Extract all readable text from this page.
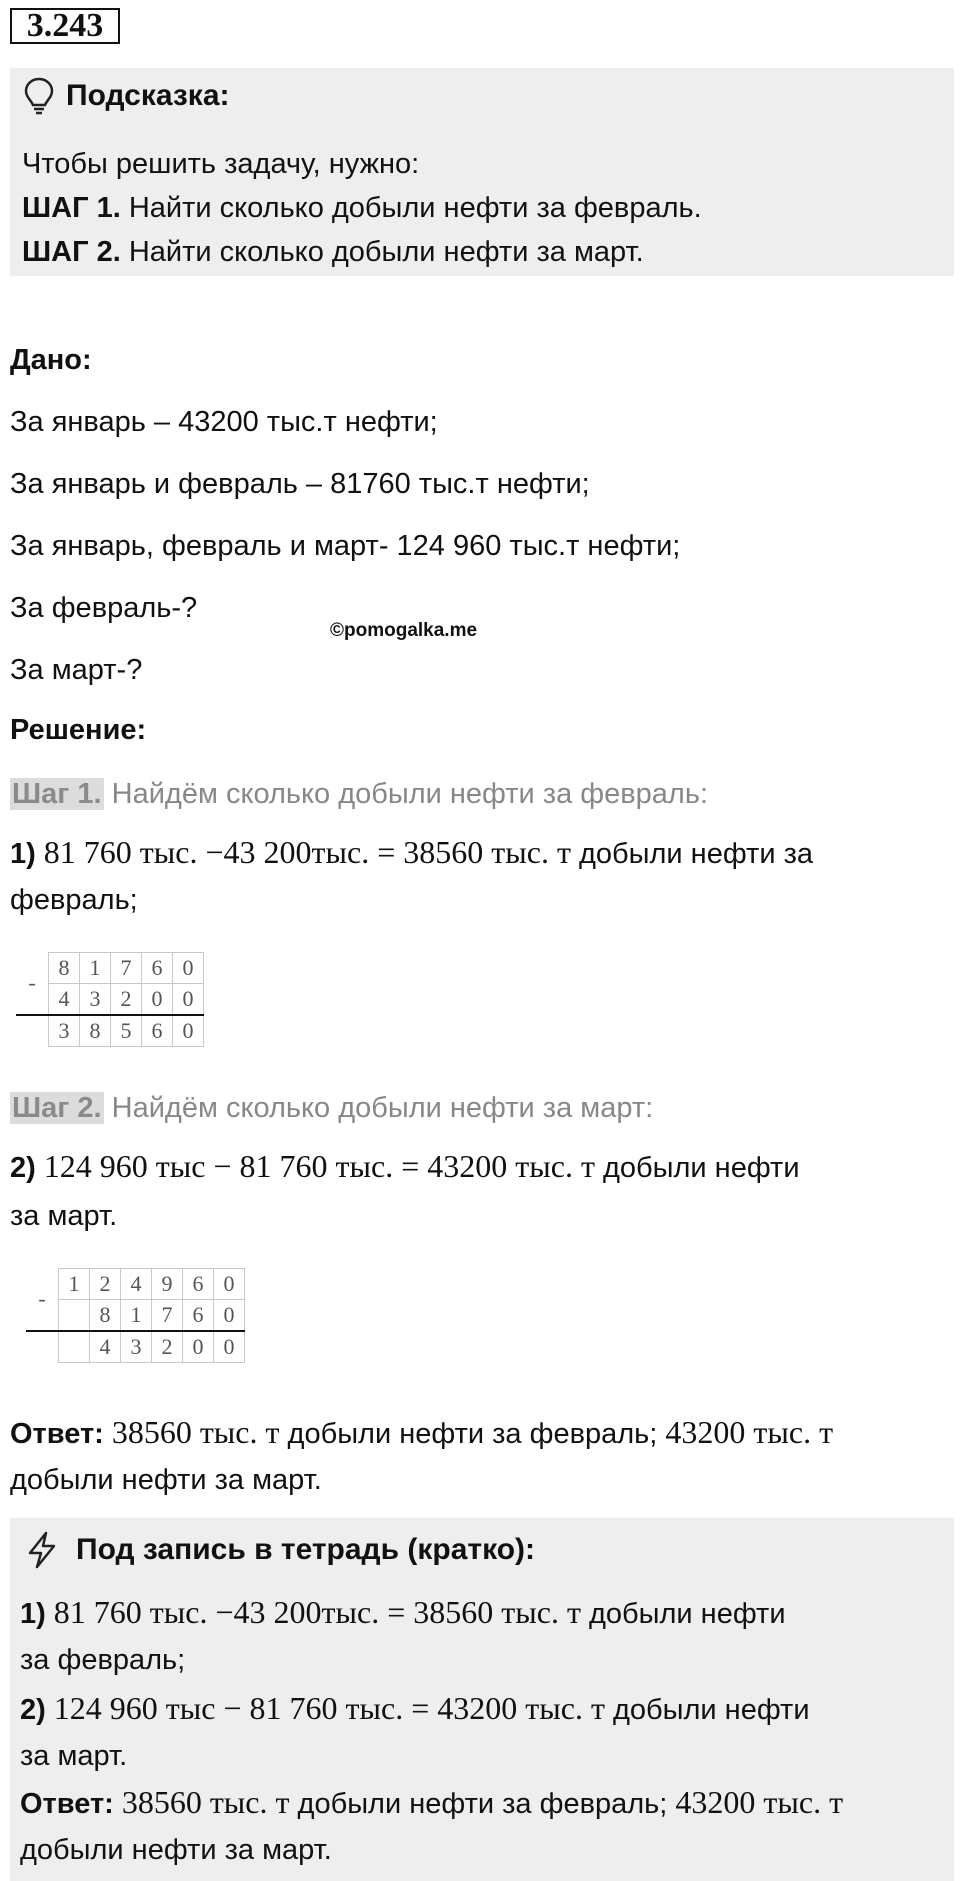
3.243
Подсказка:
Чтобы решить задачу, нужно:
ШАГ 1. Найти сколько добыли нефти за февраль.
ШАГ 2. Найти сколько добыли нефти за март.
Дано:
За январь – 43200 тыс.т нефти;
За январь и февраль – 81760 тыс.т нефти;
За январь, февраль и март- 124 960 тыс.т нефти;
За февраль-?
За март-?
©pomogalka.me
Решение:
Шаг 1. Найдём сколько добыли нефти за февраль:
1) 81 760 тыс. −43 200тыс. = 38560 тыс. т добыли нефти за
февраль;
-	8	1	7	6	0
	4	3	2	0	0
	3	8	5	6	0
Шаг 2. Найдём сколько добыли нефти за март:
2) 124 960 тыс − 81 760 тыс. = 43200 тыс. т добыли нефти
за март.
-	1	2	4	9	6	0
		8	1	7	6	0
		4	3	2	0	0
Ответ: 38560 тыс. т добыли нефти за февраль; 43200 тыс. т
добыли нефти за март.
Под запись в тетрадь (кратко):
1) 81 760 тыс. −43 200тыс. = 38560 тыс. т добыли нефти
за февраль;
2) 124 960 тыс − 81 760 тыс. = 43200 тыс. т добыли нефти
за март.
Ответ: 38560 тыс. т добыли нефти за февраль; 43200 тыс. т
добыли нефти за март.
